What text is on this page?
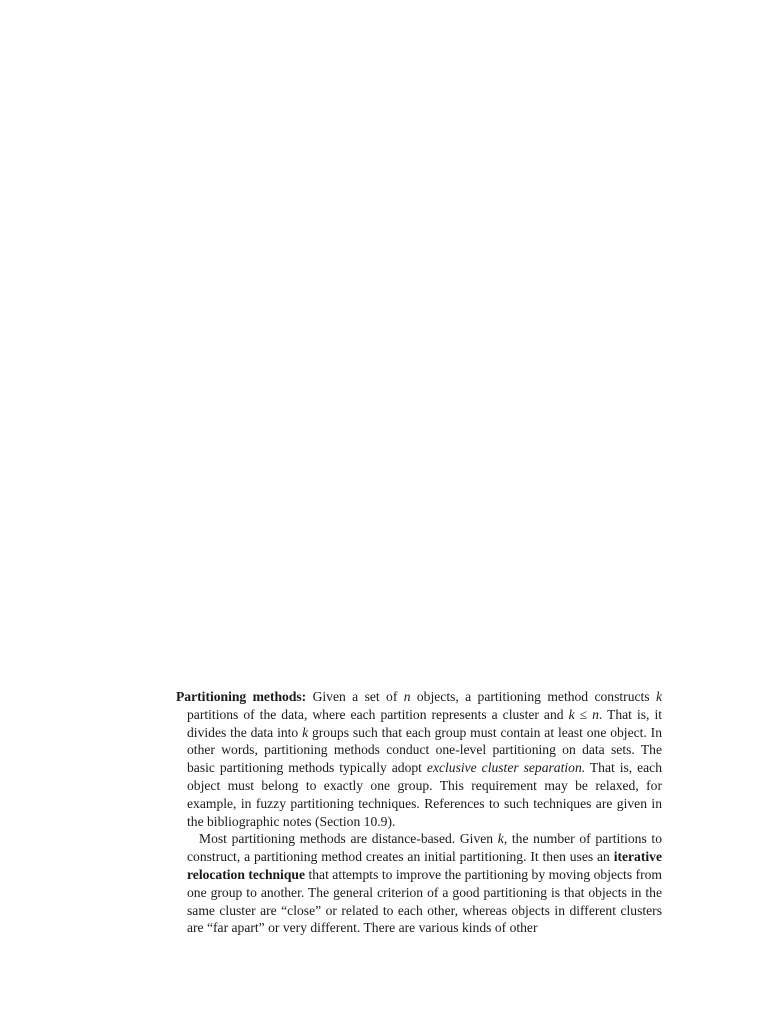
Partitioning methods: Given a set of n objects, a partitioning method constructs k partitions of the data, where each partition represents a cluster and k ≤ n. That is, it divides the data into k groups such that each group must contain at least one object. In other words, partitioning methods conduct one-level partitioning on data sets. The basic partitioning methods typically adopt exclusive cluster separation. That is, each object must belong to exactly one group. This requirement may be relaxed, for example, in fuzzy partitioning techniques. References to such techniques are given in the bibliographic notes (Section 10.9).

Most partitioning methods are distance-based. Given k, the number of partitions to construct, a partitioning method creates an initial partitioning. It then uses an iterative relocation technique that attempts to improve the partitioning by moving objects from one group to another. The general criterion of a good partitioning is that objects in the same cluster are “close” or related to each other, whereas objects in different clusters are “far apart” or very different. There are various kinds of other
